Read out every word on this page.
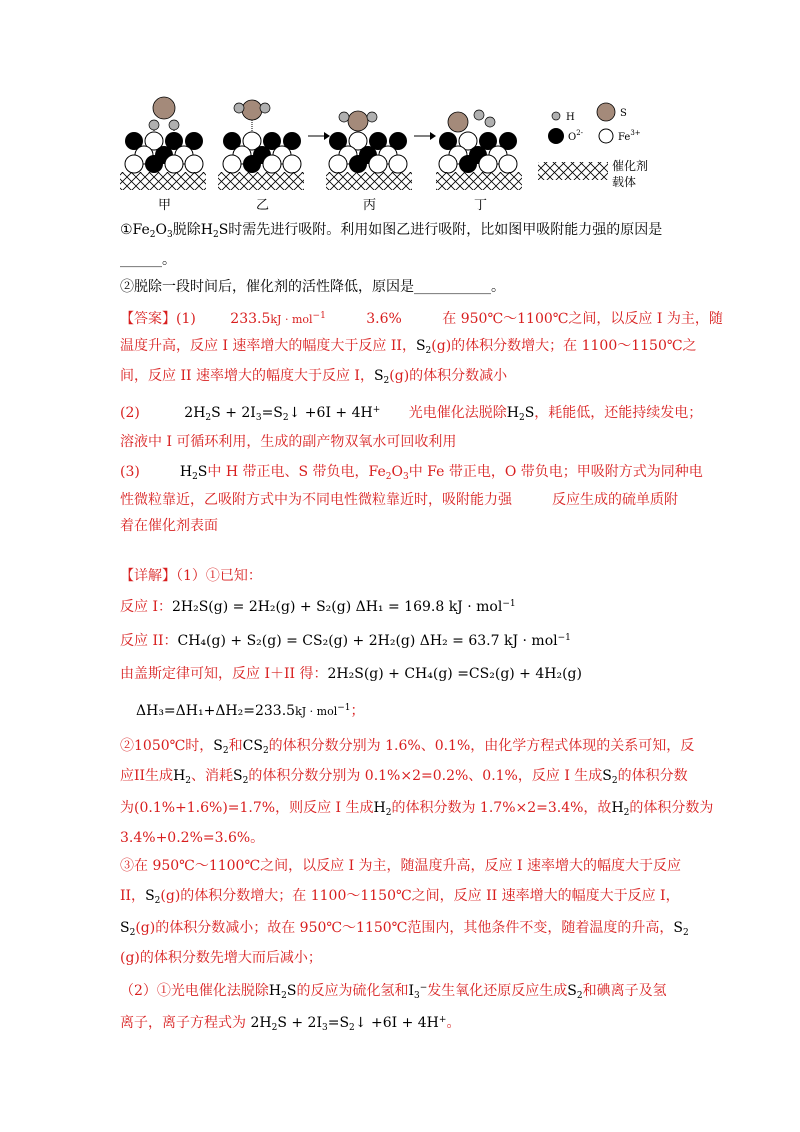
甲	乙	丙	丁
H	S
$O^{2-}$	$Fe^{3+}$
催化剂
载体
$①Fe_2O_3$脱除$H_2S$时需先进行吸附。利用如图乙进行吸附，比如图甲吸附能力强的原因是
______。
②脱除一段时间后，催化剂的活性降低，原因是___________。
【答案】(1) 233.5kJ · mol$^{-1}$	3.6%	在 950℃～1100℃之间，以反应 I 为主，随
温度升高，反应 I 速率增大的幅度大于反应 II，$S_2(g)$的体积分数增大；在 1100～1150℃之
间，反应 II 速率增大的幅度大于反应 I，$S_2(g)$的体积分数减小
(2)	$2H_2S$ + $2I_3=S_2↓ +6I + 4H^+$ 光电催化法脱除$H_2S$，耗能低，还能持续发电；
溶液中 I 可循环利用，生成的副产物双氧水可回收利用
(3)	$H_2S$中 H 带正电、S 带负电，$Fe_2O_3$中 Fe 带正电，O 带负电；甲吸附方式为同种电
性微粒靠近，乙吸附方式中为不同电性微粒靠近时，吸附能力强	反应生成的硫单质附
着在催化剂表面
【详解】（1）①已知：
反应 I：2H₂S(g) = 2H₂(g) + S₂(g) ΔH₁ = 169.8 kJ · mol$^{-1}$
反应 II：CH₄(g) + S₂(g) = CS₂(g) + 2H₂(g) ΔH₂ = 63.7 kJ · mol$^{-1}$
由盖斯定律可知，反应 I＋II 得：2H₂S(g) + CH₄(g) =CS₂(g) + 4H₂(g)
ΔH₃=ΔH₁+ΔH₂=233.5kJ · mol$^{-1}$；
②1050℃时，$S_2$和$CS_2$的体积分数分别为 1.6%、0.1%，由化学方程式体现的关系可知，反
应II生成$H_2$、消耗$S_2$的体积分数分别为 0.1%×2=0.2%、0.1%，反应 I 生成$S_2$的体积分数
为(0.1%+1.6%)=1.7%，则反应 I 生成$H_2$的体积分数为 1.7%×2=3.4%，故$H_2$的体积分数为
3.4%+0.2%=3.6%。
③在 950℃～1100℃之间，以反应 I 为主，随温度升高，反应 I 速率增大的幅度大于反应
II，$S_2(g)$的体积分数增大；在 1100～1150℃之间，反应 II 速率增大的幅度大于反应 I，
$S_2(g)$的体积分数减小；故在 950℃～1150℃范围内，其他条件不变，随着温度的升高，$S_2$
(g)的体积分数先增大而后减小；
（2）①光电催化法脱除$H_2S$的反应为硫化氢和$I_3^-$发生氧化还原反应生成$S_2$和碘离子及氢
离子，离子方程式为 $2H_2S$ + $2I_3=S_2↓ +6I + 4H^+$。
